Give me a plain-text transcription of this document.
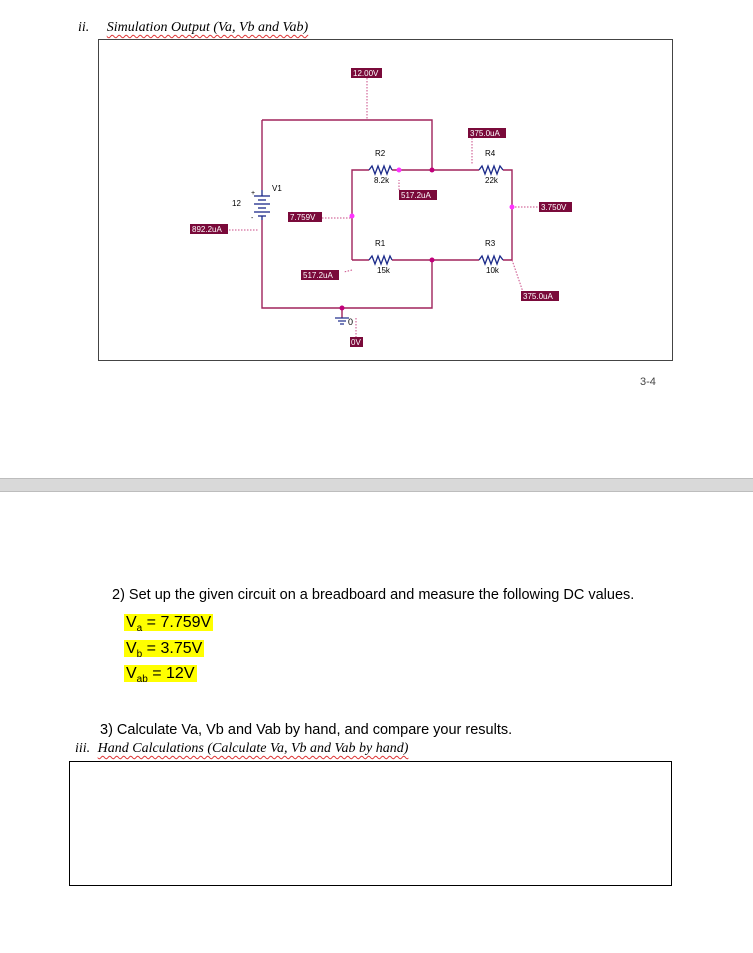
ii. Simulation Output (Va, Vb and Vab)
+
-
12.00V
375.0uA
517.2uA
3.750V
7.759V
892.2uA
517.2uA
375.0uA
0V
V1
12
0
R2
8.2k
R4
22k
R1
15k
R3
10k
3-4
2) Set up the given circuit on a breadboard and measure the following DC values.
$V_a = 7.759V$
$V_b = 3.75V$
$V_{ab} = 12V$
3) Calculate Va, Vb and Vab by hand, and compare your results.
iii. Hand Calculations (Calculate Va, Vb and Vab by hand)
